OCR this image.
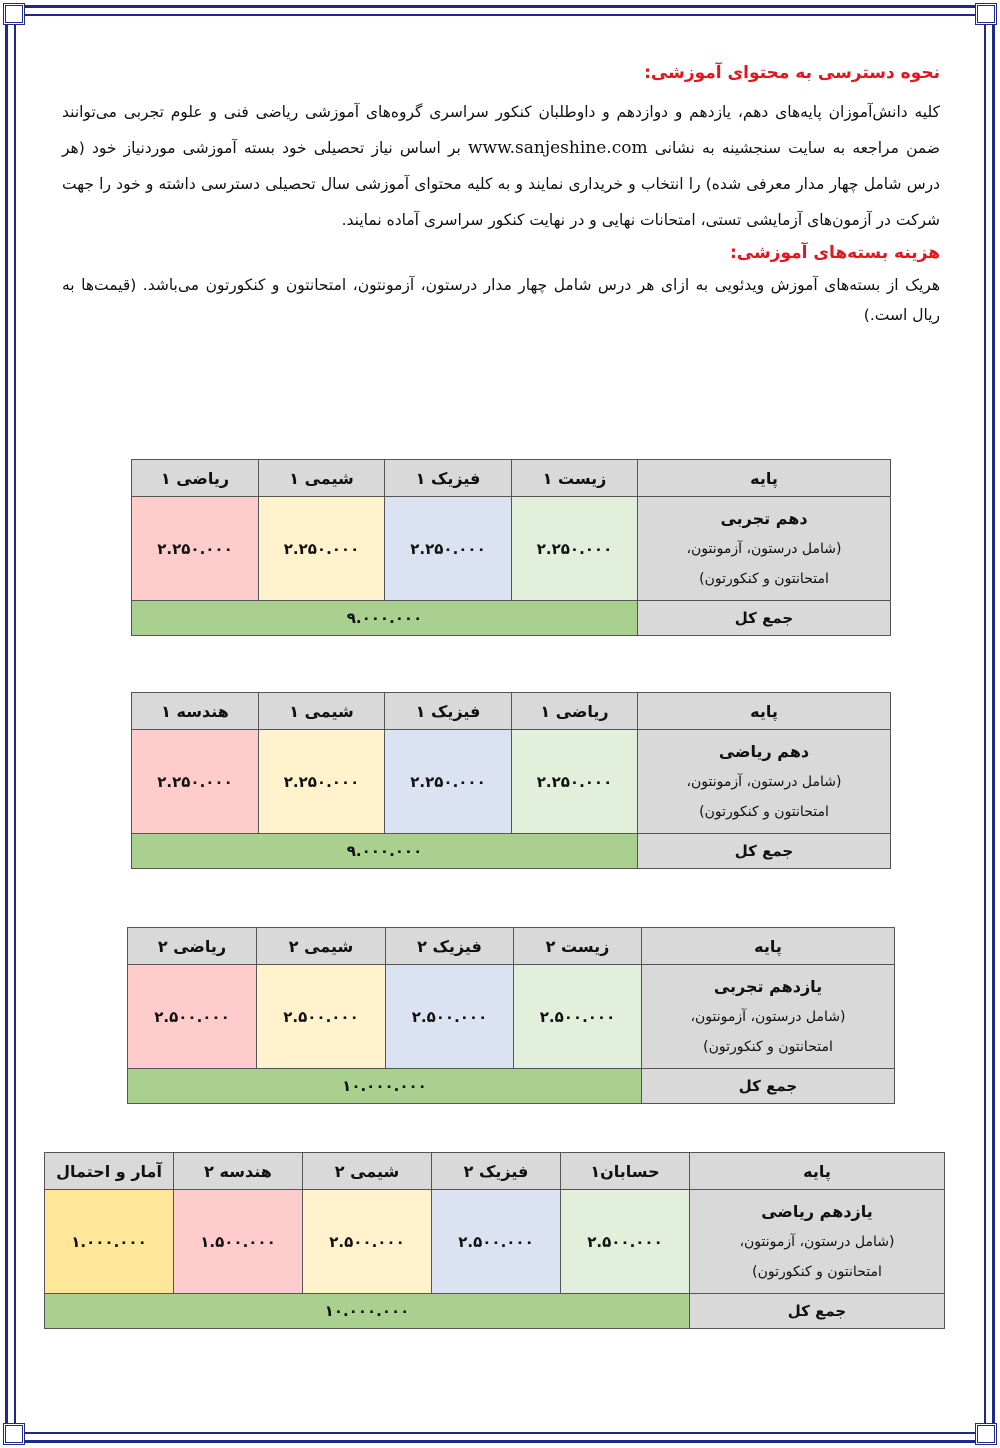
نحوه دسترسی به محتوای آموزشی:

کلیه دانش‌آموزان پایه‌های دهم، یازدهم و دوازدهم و داوطلبان کنکور سراسری گروه‌های آموزشی ریاضی فنی و علوم تجربی می‌توانند ضمن مراجعه به سایت سنجشینه به نشانی www.sanjeshine.com بر اساس نیاز تحصیلی خود بسته آموزشی موردنیاز خود (هر درس شامل چهار مدار معرفی شده) را انتخاب و خریداری نمایند و به کلیه محتوای آموزشی سال تحصیلی دسترسی داشته و خود را جهت شرکت در آزمون‌های آزمایشی تستی، امتحانات نهایی و در نهایت کنکور سراسری آماده نمایند.

هزینه بسته‌های آموزشی:

هریک از بسته‌های آموزش ویدئویی به ازای هر درس شامل چهار مدار درستون، آزمونتون، امتحانتون و کنکورتون می‌باشد. (قیمت‌ها به ریال است.)

پایه	زیست ۱	فیزیک ۱	شیمی ۱	ریاضی ۱

دهم تجربی
(شامل درستون، آزمونتون،
امتحانتون و کنکورتون)	۲.۲۵۰.۰۰۰	۲.۲۵۰.۰۰۰	۲.۲۵۰.۰۰۰	۲.۲۵۰.۰۰۰
جمع کل	۹.۰۰۰.۰۰۰			
پایه	ریاضی ۱	فیزیک ۱	شیمی ۱	هندسه ۱

دهم ریاضی
(شامل درستون، آزمونتون،
امتحانتون و کنکورتون)	۲.۲۵۰.۰۰۰	۲.۲۵۰.۰۰۰	۲.۲۵۰.۰۰۰	۲.۲۵۰.۰۰۰
جمع کل	۹.۰۰۰.۰۰۰			
پایه	زیست ۲	فیزیک ۲	شیمی ۲	ریاضی ۲

یازدهم تجربی
(شامل درستون، آزمونتون،
امتحانتون و کنکورتون)	۲.۵۰۰.۰۰۰	۲.۵۰۰.۰۰۰	۲.۵۰۰.۰۰۰	۲.۵۰۰.۰۰۰
جمع کل	۱۰.۰۰۰.۰۰۰			
پایه	حسابان۱	فیزیک ۲	شیمی ۲	هندسه ۲	آمار و احتمال

یازدهم ریاضی
(شامل درستون، آزمونتون،
امتحانتون و کنکورتون)	۲.۵۰۰.۰۰۰	۲.۵۰۰.۰۰۰	۲.۵۰۰.۰۰۰	۱.۵۰۰.۰۰۰	۱.۰۰۰.۰۰۰
جمع کل	۱۰.۰۰۰.۰۰۰				
